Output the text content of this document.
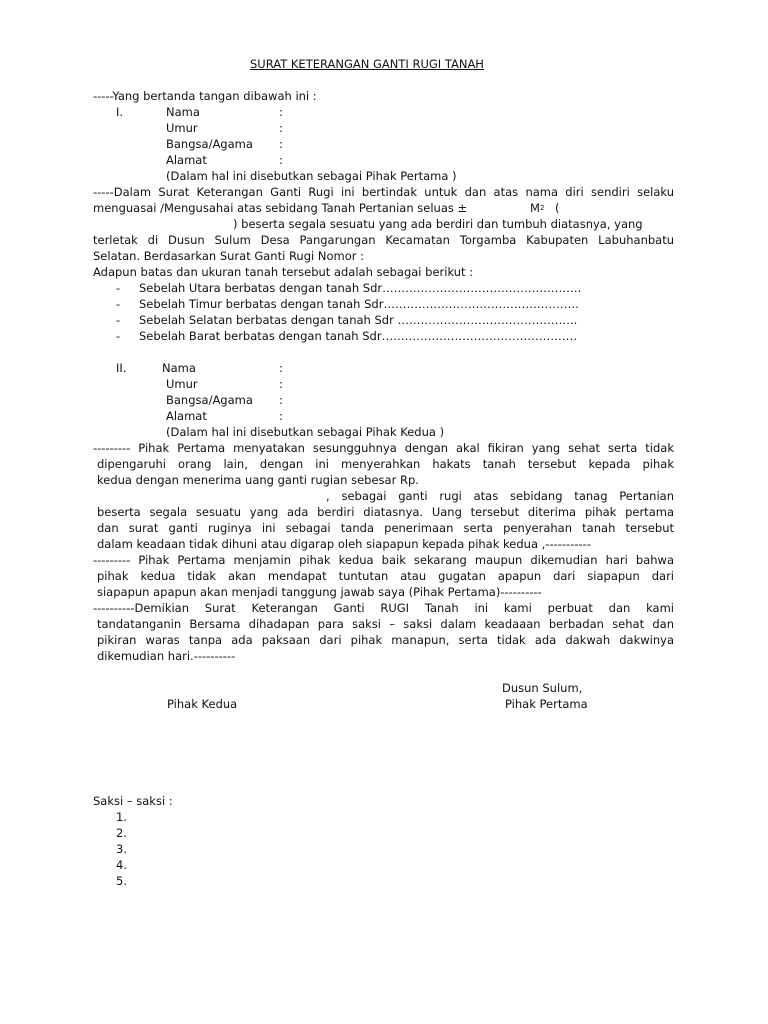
SURAT KETERANGAN GANTI RUGI TANAH
-----Yang bertanda tangan dibawah ini :
I.	Nama	:
Umur	:
Bangsa/Agama :
Alamat	:
(Dalam hal ini disebutkan sebagai Pihak Pertama )
-----Dalam Surat Keterangan Ganti Rugi ini bertindak untuk dan atas nama diri sendiri selaku
menguasai /Mengusahai atas sebidang Tanah Pertanian seluas ±	$M^2$ (
) beserta segala sesuatu yang ada berdiri dan tumbuh diatasnya, yang
terletak di Dusun Sulum Desa Pangarungan Kecamatan Torgamba Kabupaten Labuhanbatu
Selatan. Berdasarkan Surat Ganti Rugi Nomor :
Adapun batas dan ukuran tanah tersebut adalah sebagai berikut :
- Sebelah Utara berbatas dengan tanah Sdr…………………………………………….
- Sebelah Timur berbatas dengan tanah Sdr……………………………………………
- Sebelah Selatan berbatas dengan tanah Sdr ………………………………………..
- Sebelah Barat berbatas dengan tanah Sdr……………………………………………
II.	Nama	:
Umur	:
Bangsa/Agama :
Alamat	:
(Dalam hal ini disebutkan sebagai Pihak Kedua )
--------- Pihak Pertama menyatakan sesungguhnya dengan akal fikiran yang sehat serta tidak
dipengaruhi orang lain, dengan ini menyerahkan hakats tanah tersebut kepada pihak
kedua dengan menerima uang ganti rugian sebesar Rp.
, sebagai ganti rugi atas sebidang tanag Pertanian
beserta segala sesuatu yang ada berdiri diatasnya. Uang tersebut diterima pihak pertama
dan surat ganti ruginya ini sebagai tanda penerimaan serta penyerahan tanah tersebut
dalam keadaan tidak dihuni atau digarap oleh siapapun kepada pihak kedua ,-----------
--------- Pihak Pertama menjamin pihak kedua baik sekarang maupun dikemudian hari bahwa
pihak kedua tidak akan mendapat tuntutan atau gugatan apapun dari siapapun dari
siapapun apapun akan menjadi tanggung jawab saya (Pihak Pertama)----------
----------Demikian Surat Keterangan Ganti RUGI Tanah ini kami perbuat dan kami
tandatanganin Bersama dihadapan para saksi – saksi dalam keadaaan berbadan sehat dan
pikiran waras tanpa ada paksaan dari pihak manapun, serta tidak ada dakwah dakwinya
dikemudian hari.----------
Dusun Sulum,
Pihak Kedua	Pihak Pertama
Saksi – saksi :
1.
2.
3.
4.
5.
